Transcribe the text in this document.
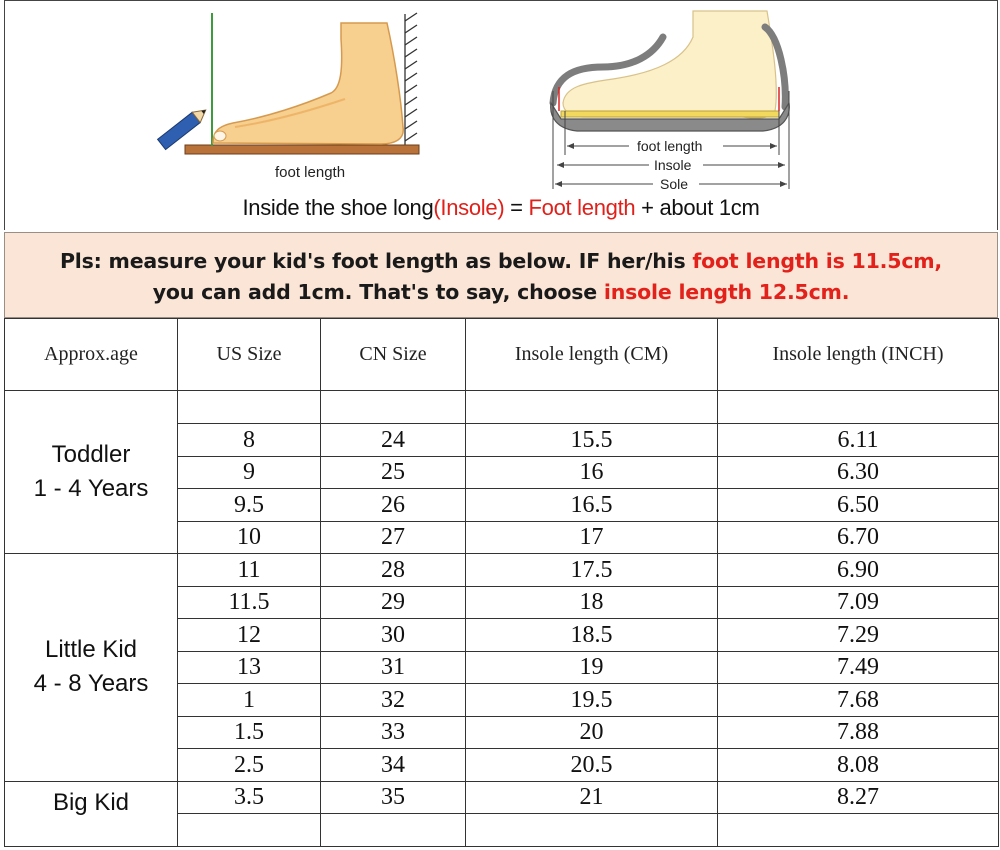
foot length
foot length
Insole
Sole
Inside the shoe long(Insole) = Foot length + about 1cm
Pls: measure your kid's foot length as below. IF her/his foot length is 11.5cm,
you can add 1cm. That's to say, choose insole length 12.5cm.
Approx.age	US Size	CN Size	Insole length (CM)	Insole length (INCH)

Toddler
1 - 4 Years				

	8	24	15.5	6.11
	9	25	16	6.30
	9.5	26	16.5	6.50
	10	27	17	6.70

Little Kid
4 - 8 Years	11	28	17.5	6.90
	11.5	29	18	7.09
	12	30	18.5	7.29
	13	31	19	7.49
	1	32	19.5	7.68
	1.5	33	20	7.88
	2.5	34	20.5	8.08

Big Kid	3.5	35	21	8.27
